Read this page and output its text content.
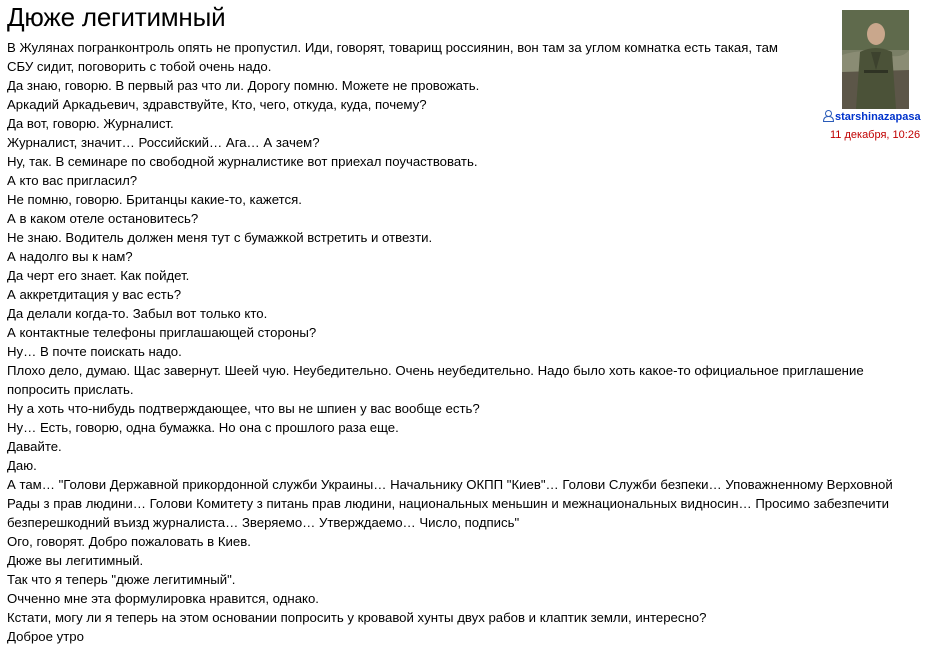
Дюже легитимный

В Жулянах погранконтроль опять не пропустил. Иди, говорят, товарищ россиянин, вон там за углом комнатка есть такая, там

СБУ сидит, поговорить с тобой очень надо.

Да знаю, говорю. В первый раз что ли. Дорогу помню. Можете не провожать.

Аркадий Аркадьевич, здравствуйте, Кто, чего, откуда, куда, почему?

Да вот, говорю. Журналист.

Журналист, значит… Российский… Ага… А зачем?

Ну, так. В семинаре по свободной журналистике вот приехал поучаствовать.

А кто вас пригласил?

Не помню, говорю. Британцы какие-то, кажется.

А в каком отеле остановитесь?

Не знаю. Водитель должен меня тут с бумажкой встретить и отвезти.

А надолго вы к нам?

Да черт его знает. Как пойдет.

А аккретдитация у вас есть?

Да делали когда-то. Забыл вот только кто.

А контактные телефоны приглашающей стороны?

Ну… В почте поискать надо.

Плохо дело, думаю. Щас завернут. Шеей чую. Неубедительно. Очень неубедительно. Надо было хоть какое-то официальное приглашение

попросить прислать.

Ну а хоть что-нибудь подтверждающее, что вы не шпиен у вас вообще есть?

Ну… Есть, говорю, одна бумажка. Но она с прошлого раза еще.

Давайте.

Даю.

А там… "Голови Державной прикордонной служби Украины… Начальнику ОКПП "Киев"… Голови Служби безпеки… Уповажненному Верховной

Рады з прав людини… Голови Комитету з питань прав людини, национальных меньшин и межнациональных видносин… Просимо забезпечити

безперешкодний въизд журналиста… Зверяемо… Утверждаемо… Число, подпись"

Ого, говорят. Добро пожаловать в Киев.

Дюже вы легитимный.

Так что я теперь "дюже легитимный".

Очченно мне эта формулировка нравится, однако.

Кстати, могу ли я теперь на этом основании попросить у кровавой хунты двух рабов и клаптик земли, интересно?

Доброе утро

starshinazapasa
11 декабря, 10:26
